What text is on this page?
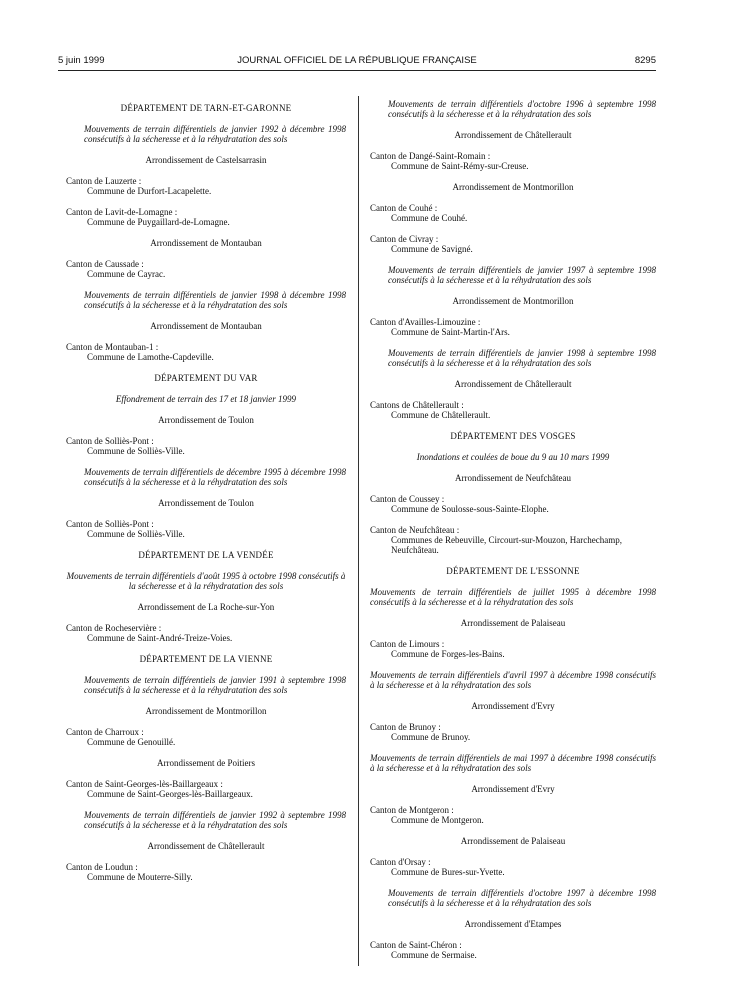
5 juin 1999	JOURNAL OFFICIEL DE LA RÉPUBLIQUE FRANÇAISE	8295
DÉPARTEMENT DE TARN-ET-GARONNE
Mouvements de terrain différentiels de janvier 1992 à décembre 1998 consécutifs à la sécheresse et à la réhydratation des sols
Arrondissement de Castelsarrasin
Canton de Lauzerte :
Commune de Durfort-Lacapelette.
Canton de Lavit-de-Lomagne :
Commune de Puygaillard-de-Lomagne.
Arrondissement de Montauban
Canton de Caussade :
Commune de Cayrac.
Mouvements de terrain différentiels de janvier 1998 à décembre 1998 consécutifs à la sécheresse et à la réhydratation des sols
Arrondissement de Montauban
Canton de Montauban-1 :
Commune de Lamothe-Capdeville.
DÉPARTEMENT DU VAR
Effondrement de terrain des 17 et 18 janvier 1999
Arrondissement de Toulon
Canton de Solliès-Pont :
Commune de Solliès-Ville.
Mouvements de terrain différentiels de décembre 1995 à décembre 1998 consécutifs à la sécheresse et à la réhydratation des sols
Arrondissement de Toulon
Canton de Solliès-Pont :
Commune de Solliès-Ville.
DÉPARTEMENT DE LA VENDÉE
Mouvements de terrain différentiels d'août 1995 à octobre 1998 consécutifs à la sécheresse et à la réhydratation des sols
Arrondissement de La Roche-sur-Yon
Canton de Rocheservière :
Commune de Saint-André-Treize-Voies.
DÉPARTEMENT DE LA VIENNE
Mouvements de terrain différentiels de janvier 1991 à septembre 1998 consécutifs à la sécheresse et à la réhydratation des sols
Arrondissement de Montmorillon
Canton de Charroux :
Commune de Genouillé.
Arrondissement de Poitiers
Canton de Saint-Georges-lès-Baillargeaux :
Commune de Saint-Georges-lès-Baillargeaux.
Mouvements de terrain différentiels de janvier 1992 à septembre 1998 consécutifs à la sécheresse et à la réhydratation des sols
Arrondissement de Châtellerault
Canton de Loudun :
Commune de Mouterre-Silly.
Mouvements de terrain différentiels d'octobre 1996 à septembre 1998 consécutifs à la sécheresse et à la réhydratation des sols
Arrondissement de Châtellerault
Canton de Dangé-Saint-Romain :
Commune de Saint-Rémy-sur-Creuse.
Arrondissement de Montmorillon
Canton de Couhé :
Commune de Couhé.
Canton de Civray :
Commune de Savigné.
Mouvements de terrain différentiels de janvier 1997 à septembre 1998 consécutifs à la sécheresse et à la réhydratation des sols
Arrondissement de Montmorillon
Canton d'Availles-Limouzine :
Commune de Saint-Martin-l'Ars.
Mouvements de terrain différentiels de janvier 1998 à septembre 1998 consécutifs à la sécheresse et à la réhydratation des sols
Arrondissement de Châtellerault
Cantons de Châtellerault :
Commune de Châtellerault.
DÉPARTEMENT DES VOSGES
Inondations et coulées de boue du 9 au 10 mars 1999
Arrondissement de Neufchâteau
Canton de Coussey :
Commune de Soulosse-sous-Sainte-Elophe.
Canton de Neufchâteau :
Communes de Rebeuville, Circourt-sur-Mouzon, Harchechamp, Neufchâteau.
DÉPARTEMENT DE L'ESSONNE
Mouvements de terrain différentiels de juillet 1995 à décembre 1998 consécutifs à la sécheresse et à la réhydratation des sols
Arrondissement de Palaiseau
Canton de Limours :
Commune de Forges-les-Bains.
Mouvements de terrain différentiels d'avril 1997 à décembre 1998 consécutifs à la sécheresse et à la réhydratation des sols
Arrondissement d'Evry
Canton de Brunoy :
Commune de Brunoy.
Mouvements de terrain différentiels de mai 1997 à décembre 1998 consécutifs à la sécheresse et à la réhydratation des sols
Arrondissement d'Evry
Canton de Montgeron :
Commune de Montgeron.
Arrondissement de Palaiseau
Canton d'Orsay :
Commune de Bures-sur-Yvette.
Mouvements de terrain différentiels d'octobre 1997 à décembre 1998 consécutifs à la sécheresse et à la réhydratation des sols
Arrondissement d'Etampes
Canton de Saint-Chéron :
Commune de Sermaise.
